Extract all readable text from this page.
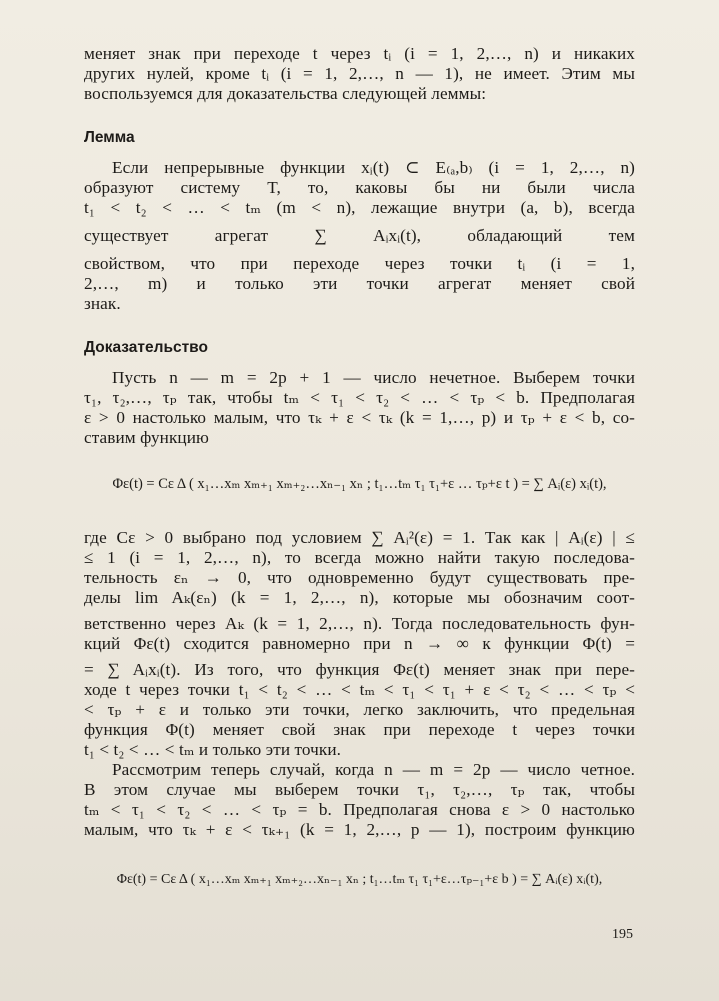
меняет знак при переходе t через tᵢ (i = 1, 2,…, n) и никаких

других нулей, кроме tᵢ (i = 1, 2,…, n — 1), не имеет. Этим мы

воспользуемся для доказательства следующей леммы:

Лемма

Если непрерывные функции xᵢ(t) ⊂ E₍ₐ,b₎ (i = 1, 2,…, n)

образуют систему T, то, каковы бы ни были числа

t₁ < t₂ < … < tₘ (m < n), лежащие внутри (a, b), всегда

существует агрегат ∑ Aᵢxᵢ(t), обладающий тем

свойством, что при переходе через точки tᵢ (i = 1,

2,…, m) и только эти точки агрегат меняет свой

знак.

Доказательство

Пусть n — m = 2p + 1 — число нечетное. Выберем точки

τ₁, τ₂,…, τₚ так, чтобы tₘ < τ₁ < τ₂ < … < τₚ < b. Предполагая

ε > 0 настолько малым, что τₖ + ε < τₖ (k = 1,…, p) и τₚ + ε < b, со-

ставим функцию

Φε(t) = Cε Δ ( x₁…xₘ xₘ₊₁ xₘ₊₂…xₙ₋₁ xₙ ; t₁…tₘ τ₁ τ₁+ε … τₚ+ε t ) = ∑ Aᵢ(ε) xᵢ(t),

где Cε > 0 выбрано под условием ∑ Aᵢ²(ε) = 1. Так как | Aᵢ(ε) | ≤

≤ 1 (i = 1, 2,…, n), то всегда можно найти такую последова-

тельность εₙ → 0, что одновременно будут существовать пре-

делы lim Aₖ(εₙ) (k = 1, 2,…, n), которые мы обозначим соот-

ветственно через Aₖ (k = 1, 2,…, n). Тогда последовательность фун-

кций Φε(t) сходится равномерно при n → ∞ к функции Φ(t) =

= ∑ Aᵢxᵢ(t). Из того, что функция Φε(t) меняет знак при пере-

ходе t через точки t₁ < t₂ < … < tₘ < τ₁ < τ₁ + ε < τ₂ < … < τₚ <

< τₚ + ε и только эти точки, легко заключить, что предельная

функция Φ(t) меняет свой знак при переходе t через точки

t₁ < t₂ < … < tₘ и только эти точки.

Рассмотрим теперь случай, когда n — m = 2p — число четное.

В этом случае мы выберем точки τ₁, τ₂,…, τₚ так, чтобы

tₘ < τ₁ < τ₂ < … < τₚ = b. Предполагая снова ε > 0 настолько

малым, что τₖ + ε < τₖ₊₁ (k = 1, 2,…, p — 1), построим функцию

Φε(t) = Cε Δ ( x₁…xₘ xₘ₊₁ xₘ₊₂…xₙ₋₁ xₙ ; t₁…tₘ τ₁ τ₁+ε…τₚ₋₁+ε b ) = ∑ Aᵢ(ε) xᵢ(t),
195
